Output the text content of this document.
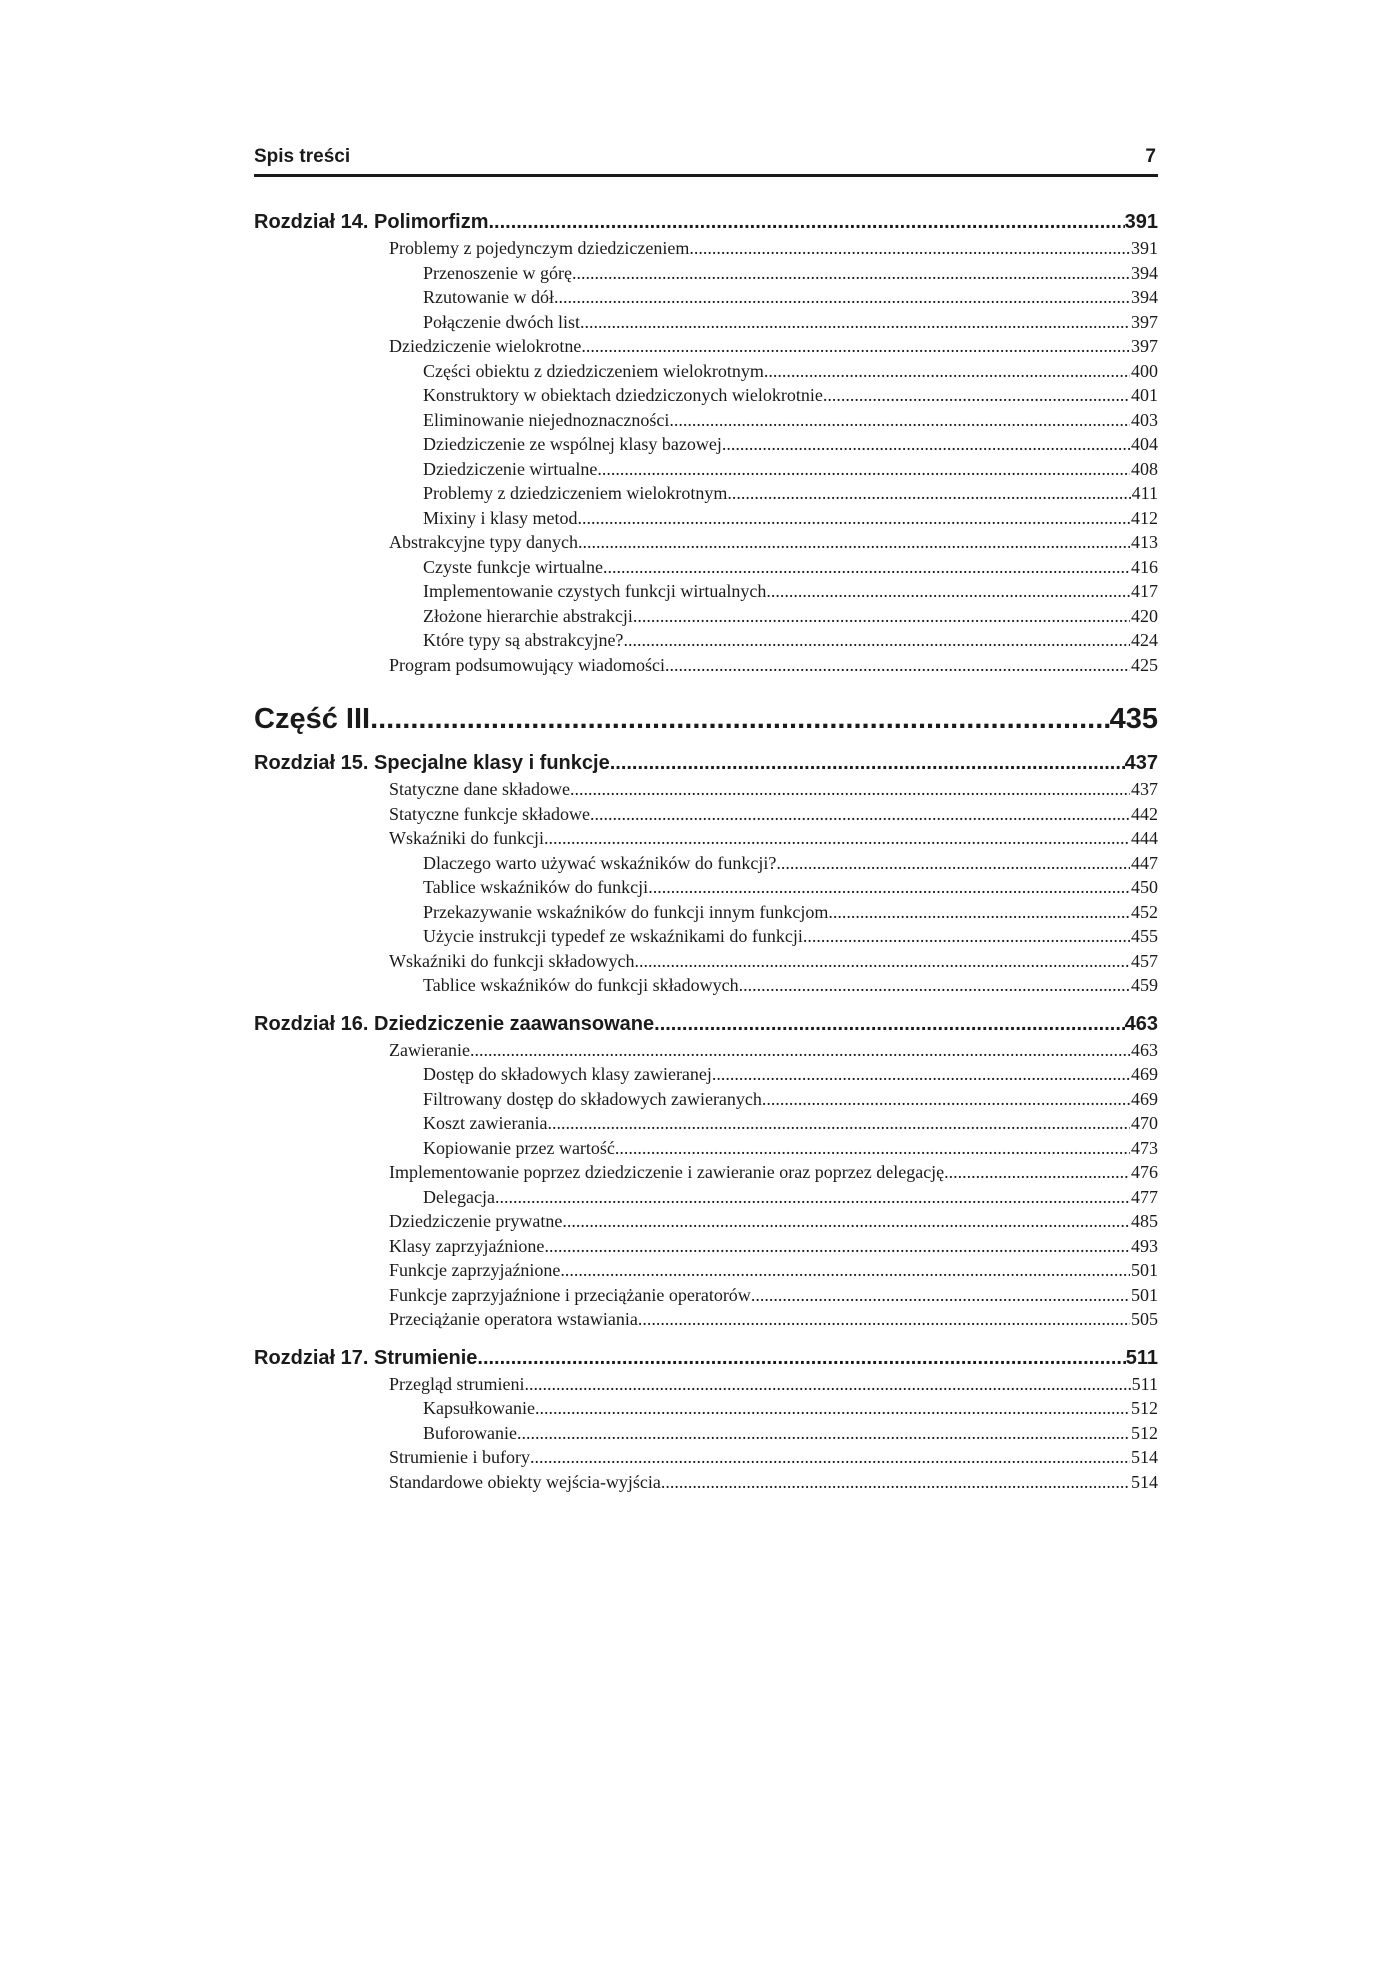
Spis treści	7
Rozdział 14. Polimorfizm .....	391
Problemy z pojedynczym dziedziczeniem .....	391
Przenoszenie w górę .....	394
Rzutowanie w dół .....	394
Połączenie dwóch list .....	397
Dziedziczenie wielokrotne .....	397
Części obiektu z dziedziczeniem wielokrotnym .....	400
Konstruktory w obiektach dziedziczonych wielokrotnie .....	401
Eliminowanie niejednoznaczności .....	403
Dziedziczenie ze wspólnej klasy bazowej .....	404
Dziedziczenie wirtualne .....	408
Problemy z dziedziczeniem wielokrotnym .....	411
Mixiny i klasy metod .....	412
Abstrakcyjne typy danych .....	413
Czyste funkcje wirtualne .....	416
Implementowanie czystych funkcji wirtualnych .....	417
Złożone hierarchie abstrakcji .....	420
Które typy są abstrakcyjne? .....	424
Program podsumowujący wiadomości .....	425
Część III .....	435
Rozdział 15. Specjalne klasy i funkcje .....	437
Statyczne dane składowe .....	437
Statyczne funkcje składowe .....	442
Wskaźniki do funkcji .....	444
Dlaczego warto używać wskaźników do funkcji? .....	447
Tablice wskaźników do funkcji .....	450
Przekazywanie wskaźników do funkcji innym funkcjom .....	452
Użycie instrukcji typedef ze wskaźnikami do funkcji .....	455
Wskaźniki do funkcji składowych .....	457
Tablice wskaźników do funkcji składowych .....	459
Rozdział 16. Dziedziczenie zaawansowane .....	463
Zawieranie .....	463
Dostęp do składowych klasy zawieranej .....	469
Filtrowany dostęp do składowych zawieranych .....	469
Koszt zawierania .....	470
Kopiowanie przez wartość .....	473
Implementowanie poprzez dziedziczenie i zawieranie oraz poprzez delegację .....	476
Delegacja .....	477
Dziedziczenie prywatne .....	485
Klasy zaprzyjaźnione .....	493
Funkcje zaprzyjaźnione .....	501
Funkcje zaprzyjaźnione i przeciążanie operatorów .....	501
Przeciążanie operatora wstawiania .....	505
Rozdział 17. Strumienie .....	511
Przegląd strumieni .....	511
Kapsułkowanie .....	512
Buforowanie .....	512
Strumienie i bufory .....	514
Standardowe obiekty wejścia-wyjścia .....	514
